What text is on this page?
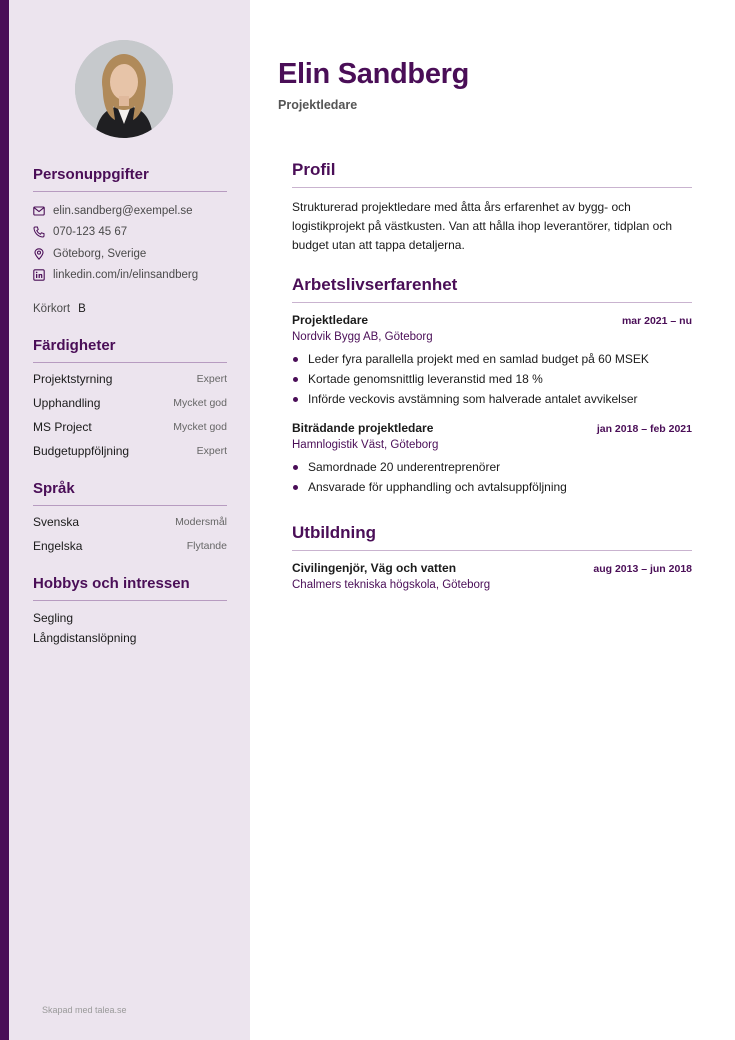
Personuppgifter
elin.sandberg@exempel.se
070-123 45 67
Göteborg, Sverige
linkedin.com/in/elinsandberg
Körkort B
Färdigheter
Projektstyrning	Expert
Upphandling	Mycket god
MS Project	Mycket god
Budgetuppföljning	Expert
Språk
Svenska	Modersmål
Engelska	Flytande
Hobbys och intressen
Segling
Långdistanslöpning
Skapad med talea.se
Elin Sandberg
Projektledare
Profil

Strukturerad projektledare med åtta års erfarenhet av bygg- och logistikprojekt på västkusten. Van att hålla ihop leverantörer, tidplan och budget utan att tappa detaljerna.

Arbetslivserfarenhet
Projektledare	mar 2021 – nu
Nordvik Bygg AB, Göteborg
Leder fyra parallella projekt med en samlad budget på 60 MSEK
Kortade genomsnittlig leveranstid med 18 %
Införde veckovis avstämning som halverade antalet avvikelser
Biträdande projektledare	jan 2018 – feb 2021
Hamnlogistik Väst, Göteborg
Samordnade 20 underentreprenörer
Ansvarade för upphandling och avtalsuppföljning
Utbildning
Civilingenjör, Väg och vatten	aug 2013 – jun 2018
Chalmers tekniska högskola, Göteborg
